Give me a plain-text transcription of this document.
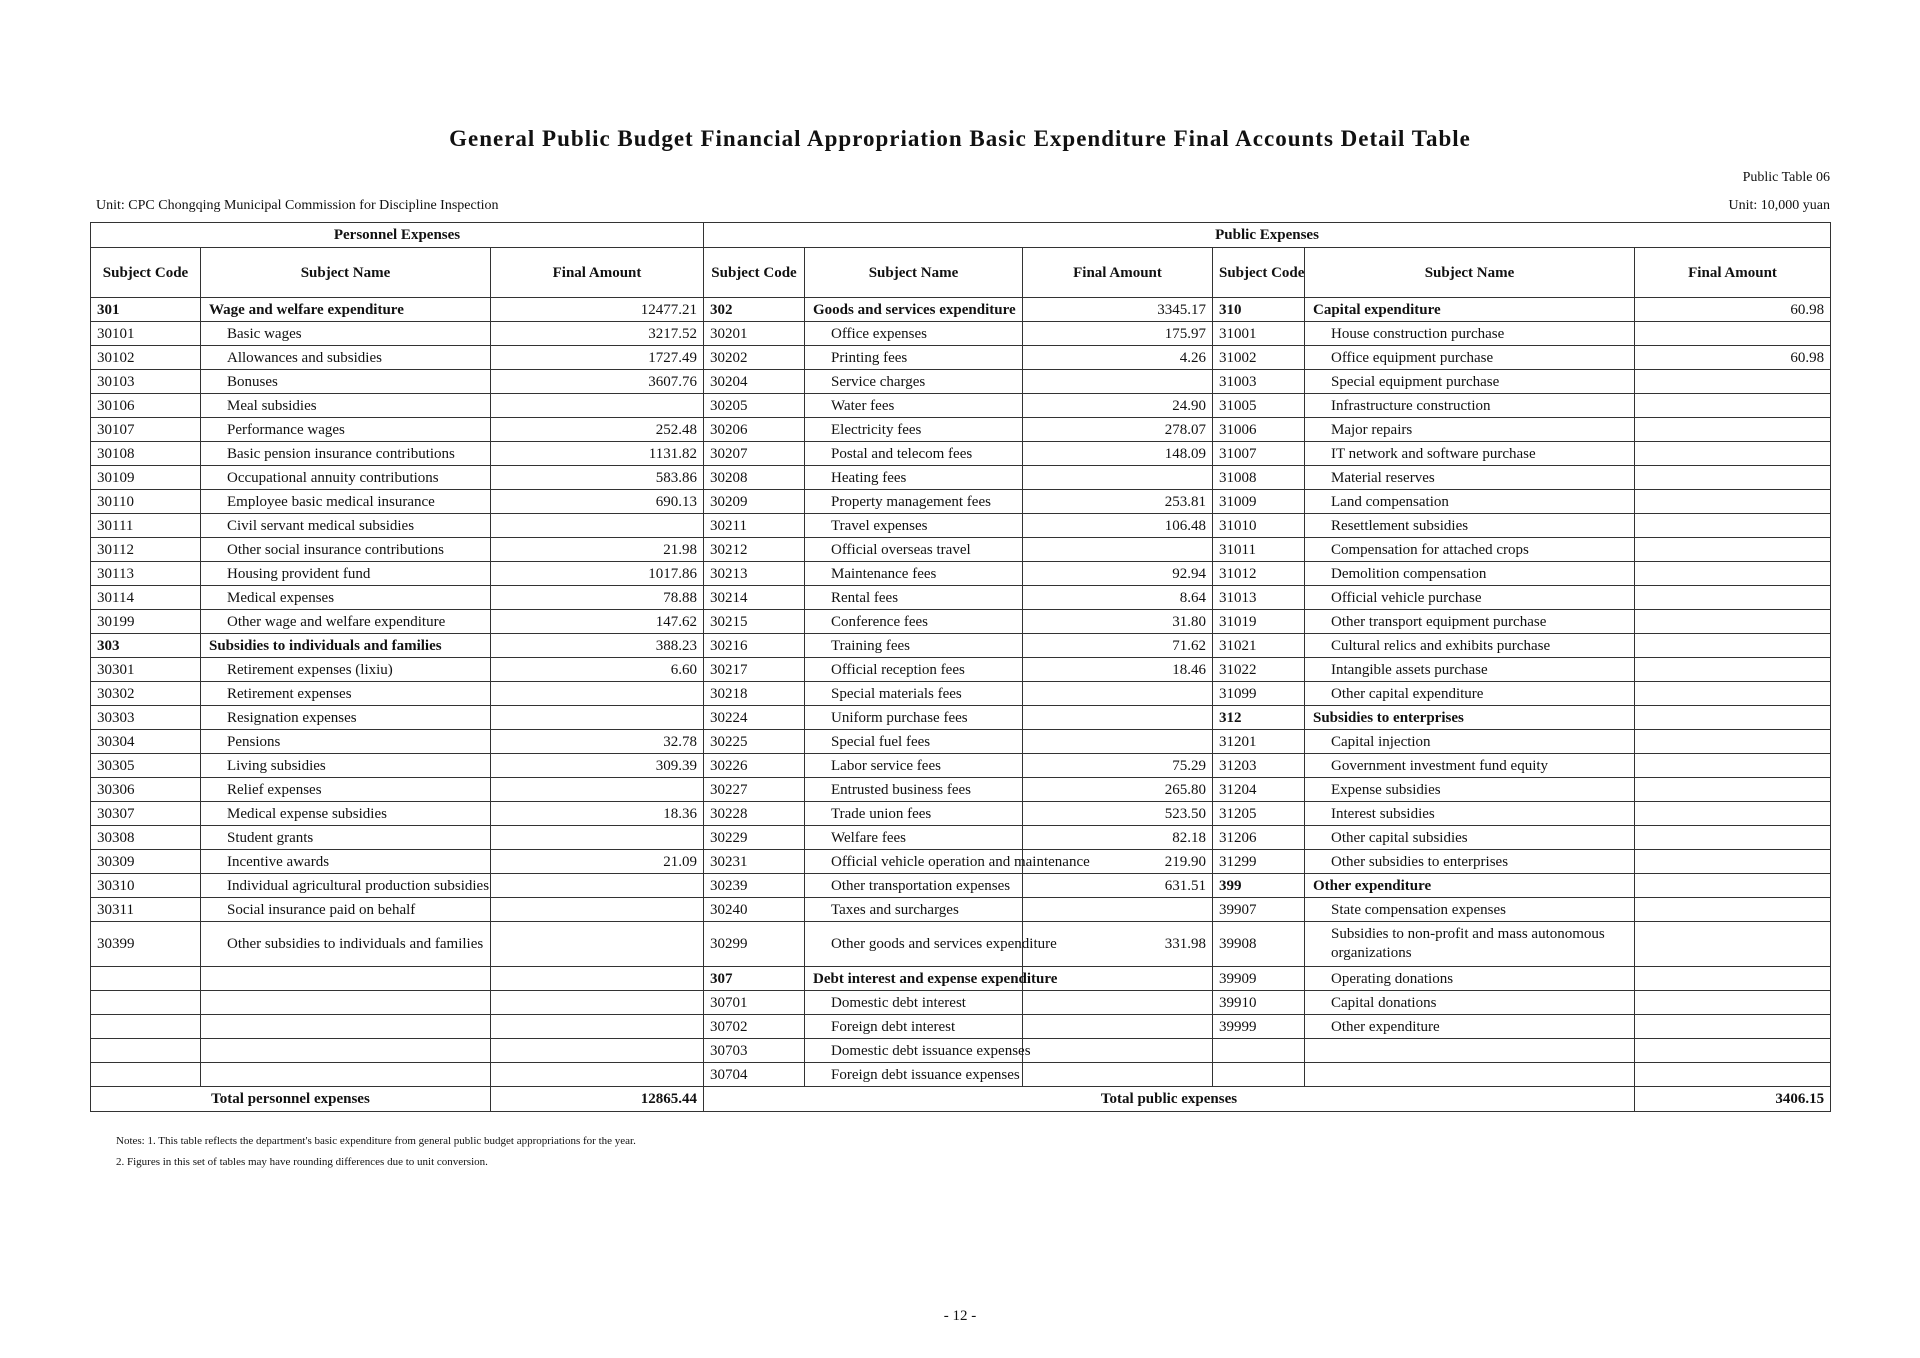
General Public Budget Financial Appropriation Basic Expenditure Final Accounts Detail Table
Public Table 06
Unit: CPC Chongqing Municipal Commission for Discipline Inspection	Unit: 10,000 yuan
Personnel Expenses			Public Expenses					
Subject Code	Subject Name	Final Amount	Subject Code	Subject Name	Final Amount	Subject Code	Subject Name	Final Amount
301	Wage and welfare expenditure	12477.21	302	Goods and services expenditure	3345.17	310	Capital expenditure	60.98
30101	Basic wages	3217.52	30201	Office expenses	175.97	31001	House construction purchase	
30102	Allowances and subsidies	1727.49	30202	Printing fees	4.26	31002	Office equipment purchase	60.98
30103	Bonuses	3607.76	30204	Service charges		31003	Special equipment purchase	
30106	Meal subsidies		30205	Water fees	24.90	31005	Infrastructure construction	
30107	Performance wages	252.48	30206	Electricity fees	278.07	31006	Major repairs	
30108	Basic pension insurance contributions	1131.82	30207	Postal and telecom fees	148.09	31007	IT network and software purchase	
30109	Occupational annuity contributions	583.86	30208	Heating fees		31008	Material reserves	
30110	Employee basic medical insurance	690.13	30209	Property management fees	253.81	31009	Land compensation	
30111	Civil servant medical subsidies		30211	Travel expenses	106.48	31010	Resettlement subsidies	
30112	Other social insurance contributions	21.98	30212	Official overseas travel		31011	Compensation for attached crops	
30113	Housing provident fund	1017.86	30213	Maintenance fees	92.94	31012	Demolition compensation	
30114	Medical expenses	78.88	30214	Rental fees	8.64	31013	Official vehicle purchase	
30199	Other wage and welfare expenditure	147.62	30215	Conference fees	31.80	31019	Other transport equipment purchase	
303	Subsidies to individuals and families	388.23	30216	Training fees	71.62	31021	Cultural relics and exhibits purchase	
30301	Retirement expenses (lixiu)	6.60	30217	Official reception fees	18.46	31022	Intangible assets purchase	
30302	Retirement expenses		30218	Special materials fees		31099	Other capital expenditure	
30303	Resignation expenses		30224	Uniform purchase fees		312	Subsidies to enterprises	
30304	Pensions	32.78	30225	Special fuel fees		31201	Capital injection	
30305	Living subsidies	309.39	30226	Labor service fees	75.29	31203	Government investment fund equity	
30306	Relief expenses		30227	Entrusted business fees	265.80	31204	Expense subsidies	
30307	Medical expense subsidies	18.36	30228	Trade union fees	523.50	31205	Interest subsidies	
30308	Student grants		30229	Welfare fees	82.18	31206	Other capital subsidies	
30309	Incentive awards	21.09	30231	Official vehicle operation and maintenance	219.90	31299	Other subsidies to enterprises	
30310	Individual agricultural production subsidies		30239	Other transportation expenses	631.51	399	Other expenditure	
30311	Social insurance paid on behalf		30240	Taxes and surcharges		39907	State compensation expenses	
30399	Other subsidies to individuals and families		30299	Other goods and services expenditure	331.98	39908	Subsidies to non-profit and mass autonomous organizations	
			307	Debt interest and expense expenditure		39909	Operating donations	
			30701	Domestic debt interest		39910	Capital donations	
			30702	Foreign debt interest		39999	Other expenditure	
			30703	Domestic debt issuance expenses				
			30704	Foreign debt issuance expenses				
Total personnel expenses		12865.44	Total public expenses					3406.15
Notes: 1. This table reflects the department's basic expenditure from general public budget appropriations for the year.
2. Figures in this set of tables may have rounding differences due to unit conversion.
- 12 -
